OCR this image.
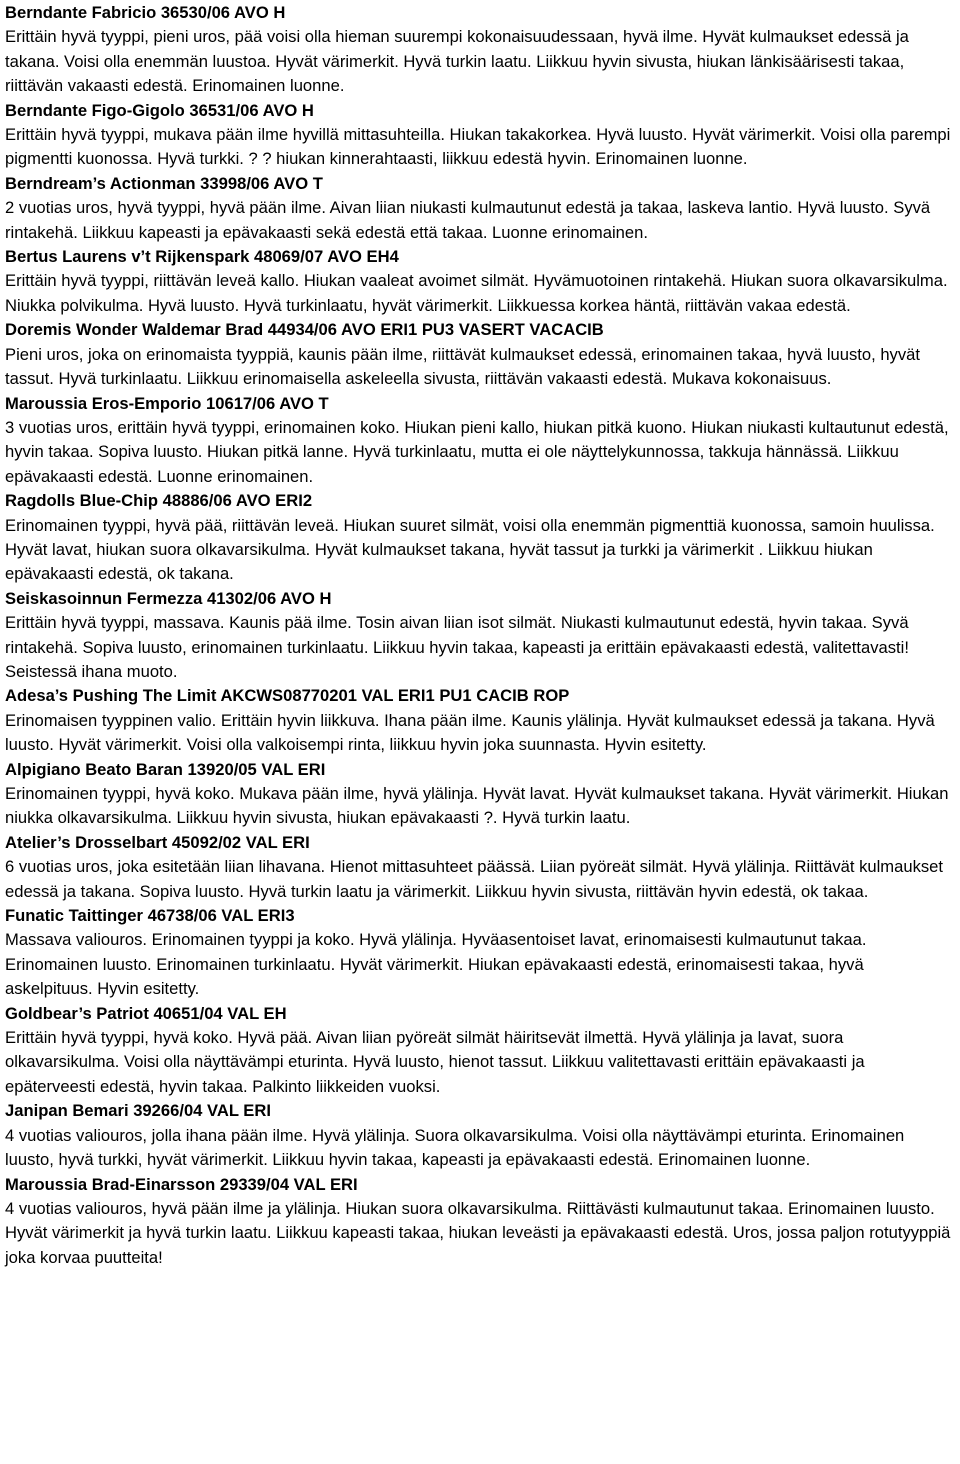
Berndante Fabricio 36530/06 AVO H

Erittäin hyvä tyyppi, pieni uros, pää voisi olla hieman suurempi kokonaisuudessaan, hyvä ilme. Hyvät kulmaukset edessä ja takana. Voisi olla enemmän luustoa. Hyvät värimerkit. Hyvä turkin laatu. Liikkuu hyvin sivusta, hiukan länkisäärisesti takaa, riittävän vakaasti edestä. Erinomainen luonne.

Berndante Figo-Gigolo 36531/06 AVO H

Erittäin hyvä tyyppi, mukava pään ilme hyvillä mittasuhteilla. Hiukan takakorkea. Hyvä luusto. Hyvät värimerkit. Voisi olla parempi pigmentti kuonossa. Hyvä turkki. ? ? hiukan kinnerahtaasti, liikkuu edestä hyvin. Erinomainen luonne.

Berndream’s Actionman 33998/06 AVO T

2 vuotias uros, hyvä tyyppi, hyvä pään ilme. Aivan liian niukasti kulmautunut edestä ja takaa, laskeva lantio. Hyvä luusto. Syvä rintakehä. Liikkuu kapeasti ja epävakaasti sekä edestä että takaa. Luonne erinomainen.

Bertus Laurens v’t Rijkenspark 48069/07 AVO EH4

Erittäin hyvä tyyppi, riittävän leveä kallo. Hiukan vaaleat avoimet silmät. Hyvämuotoinen rintakehä. Hiukan suora olkavarsikulma. Niukka polvikulma. Hyvä luusto. Hyvä turkinlaatu, hyvät värimerkit. Liikkuessa korkea häntä, riittävän vakaa edestä.

Doremis Wonder Waldemar Brad 44934/06 AVO ERI1 PU3 VASERT VACACIB

Pieni uros, joka on erinomaista tyyppiä, kaunis pään ilme, riittävät kulmaukset edessä, erinomainen takaa, hyvä luusto, hyvät tassut. Hyvä turkinlaatu. Liikkuu erinomaisella askeleella sivusta, riittävän vakaasti edestä. Mukava kokonaisuus.

Maroussia Eros-Emporio 10617/06 AVO T

3 vuotias uros, erittäin hyvä tyyppi, erinomainen koko. Hiukan pieni kallo, hiukan pitkä kuono. Hiukan niukasti kultautunut edestä, hyvin takaa. Sopiva luusto. Hiukan pitkä lanne. Hyvä turkinlaatu, mutta ei ole näyttelykunnossa, takkuja hännässä. Liikkuu epävakaasti edestä. Luonne erinomainen.

Ragdolls Blue-Chip 48886/06 AVO ERI2

Erinomainen tyyppi, hyvä pää, riittävän leveä. Hiukan suuret silmät, voisi olla enemmän pigmenttiä kuonossa, samoin huulissa. Hyvät lavat, hiukan suora olkavarsikulma. Hyvät kulmaukset takana, hyvät tassut ja turkki ja värimerkit . Liikkuu hiukan epävakaasti edestä, ok takana.

Seiskasoinnun Fermezza 41302/06 AVO H

Erittäin hyvä tyyppi, massava. Kaunis pää ilme. Tosin aivan liian isot silmät. Niukasti kulmautunut edestä, hyvin takaa. Syvä rintakehä. Sopiva luusto, erinomainen turkinlaatu. Liikkuu hyvin takaa, kapeasti ja erittäin epävakaasti edestä, valitettavasti! Seistessä ihana muoto.

Adesa’s Pushing The Limit AKCWS08770201 VAL ERI1 PU1 CACIB ROP

Erinomaisen tyyppinen valio. Erittäin hyvin liikkuva. Ihana pään ilme. Kaunis ylälinja. Hyvät kulmaukset edessä ja takana. Hyvä luusto. Hyvät värimerkit. Voisi olla valkoisempi rinta, liikkuu hyvin joka suunnasta. Hyvin esitetty.

Alpigiano Beato Baran 13920/05 VAL ERI

Erinomainen tyyppi, hyvä koko. Mukava pään ilme, hyvä ylälinja. Hyvät lavat. Hyvät kulmaukset takana. Hyvät värimerkit. Hiukan niukka olkavarsikulma. Liikkuu hyvin sivusta, hiukan epävakaasti ?. Hyvä turkin laatu.

Atelier’s Drosselbart 45092/02 VAL ERI

6 vuotias uros, joka esitetään liian lihavana. Hienot mittasuhteet päässä. Liian pyöreät silmät. Hyvä ylälinja. Riittävät kulmaukset edessä ja takana. Sopiva luusto. Hyvä turkin laatu ja värimerkit. Liikkuu hyvin sivusta, riittävän hyvin edestä, ok takaa.

Funatic Taittinger 46738/06 VAL ERI3

Massava valiouros. Erinomainen tyyppi ja koko. Hyvä ylälinja. Hyväasentoiset lavat, erinomaisesti kulmautunut takaa. Erinomainen luusto. Erinomainen turkinlaatu. Hyvät värimerkit. Hiukan epävakaasti edestä, erinomaisesti takaa, hyvä askelpituus. Hyvin esitetty.

Goldbear’s Patriot 40651/04 VAL EH

Erittäin hyvä tyyppi, hyvä koko. Hyvä pää. Aivan liian pyöreät silmät häiritsevät ilmettä. Hyvä ylälinja ja lavat, suora olkavarsikulma. Voisi olla näyttävämpi eturinta. Hyvä luusto, hienot tassut. Liikkuu valitettavasti erittäin epävakaasti ja epäterveesti edestä, hyvin takaa. Palkinto liikkeiden vuoksi.

Janipan Bemari 39266/04 VAL ERI

4 vuotias valiouros, jolla ihana pään ilme. Hyvä ylälinja. Suora olkavarsikulma. Voisi olla näyttävämpi eturinta. Erinomainen luusto, hyvä turkki, hyvät värimerkit. Liikkuu hyvin takaa, kapeasti ja epävakaasti edestä. Erinomainen luonne.

Maroussia Brad-Einarsson 29339/04 VAL ERI

4 vuotias valiouros, hyvä pään ilme ja ylälinja. Hiukan suora olkavarsikulma. Riittävästi kulmautunut takaa. Erinomainen luusto. Hyvät värimerkit ja hyvä turkin laatu. Liikkuu kapeasti takaa, hiukan leveästi ja epävakaasti edestä. Uros, jossa paljon rotutyyppiä joka korvaa puutteita!
